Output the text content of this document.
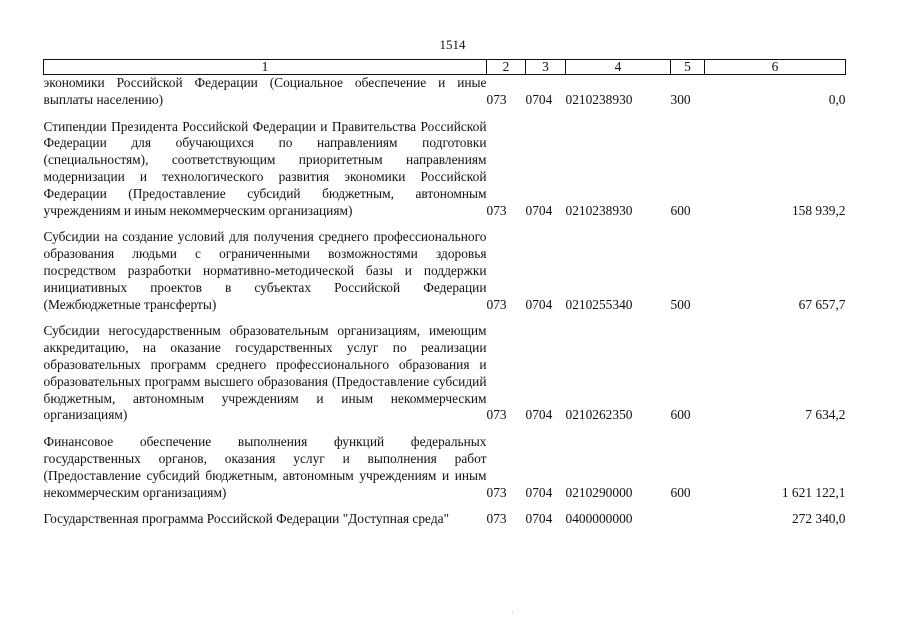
1514
1	2	3	4	5	6
экономики Российской Федерации (Социальное обеспечение и иные выплаты населению)	073	0704	0210238930	300	0,0

Стипендии Президента Российской Федерации и Правительства Российской Федерации для обучающихся по направлениям подготовки (специальностям), соответствующим приоритетным направлениям модернизации и технологического развития экономики Российской Федерации (Предоставление субсидий бюджетным, автономным учреждениям и иным некоммерческим организациям)	073	0704	0210238930	600	158 939,2

Субсидии на создание условий для получения среднего профессионального образования людьми с ограниченными возможностями здоровья посредством разработки нормативно-методической базы и поддержки инициативных проектов в субъектах Российской Федерации (Межбюджетные трансферты)	073	0704	0210255340	500	67 657,7

Субсидии негосударственным образовательным организациям, имеющим аккредитацию, на оказание государственных услуг по реализации образовательных программ среднего профессионального образования и образовательных программ высшего образования (Предоставление субсидий бюджетным, автономным учреждениям и иным некоммерческим организациям)	073	0704	0210262350	600	7 634,2

Финансовое обеспечение выполнения функций федеральных государственных органов, оказания услуг и выполнения работ (Предоставление субсидий бюджетным, автономным учреждениям и иным некоммерческим организациям)	073	0704	0210290000	600	1 621 122,1

Государственная программа Российской Федерации "Доступная среда"	073	0704	0400000000		272 340,0
